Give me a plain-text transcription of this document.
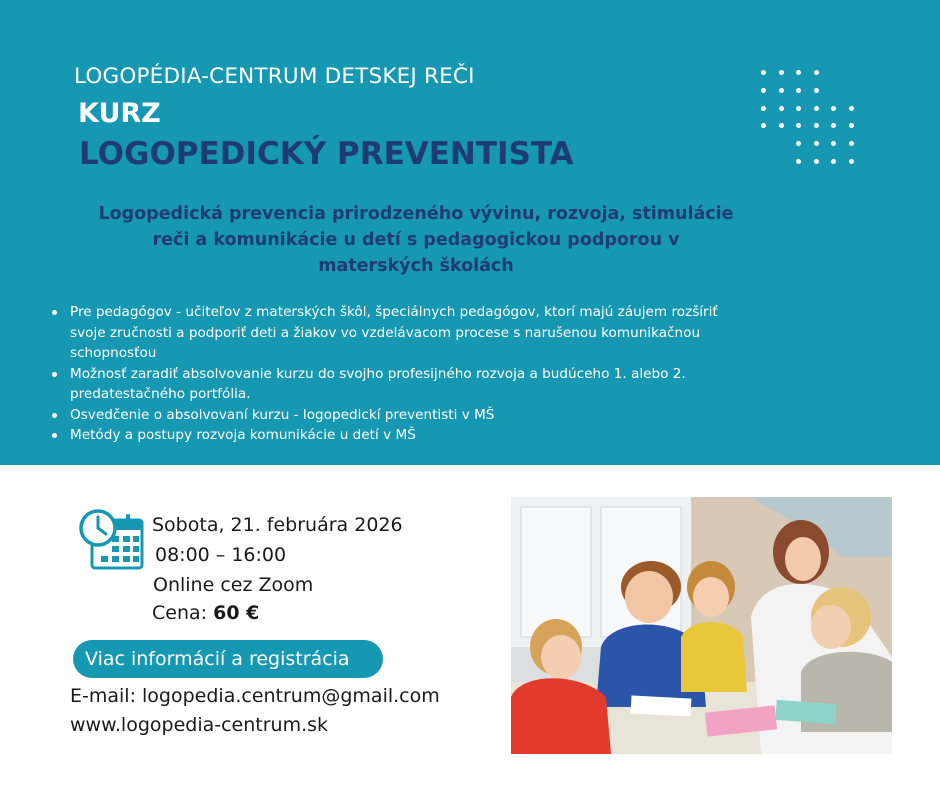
LOGOPÉDIA-CENTRUM DETSKEJ REČI
KURZ
LOGOPEDICKÝ PREVENTISTA
Logopedická prevencia prirodzeného vývinu, rozvoja, stimulácie
reči a komunikácie u detí s pedagogickou podporou v
materských školách
Pre pedagógov - učiteľov z materských škôl, špeciálnych pedagógov, ktorí majú záujem rozšíriť
svoje zručnosti a podporiť deti a žiakov vo vzdelávacom procese s narušenou komunikačnou
schopnosťou
Možnosť zaradiť absolvovanie kurzu do svojho profesijného rozvoja a budúceho 1. alebo 2.
predatestačného portfólia.
Osvedčenie o absolvovaní kurzu - logopedickí preventisti v MŠ
Metódy a postupy rozvoja komunikácie u detí v MŠ
Sobota, 21. februára 2026
08:00 – 16:00
Online cez Zoom
Cena: 60 €
Viac informácií a registrácia
E-mail: logopedia.centrum@gmail.com
www.logopedia-centrum.sk
